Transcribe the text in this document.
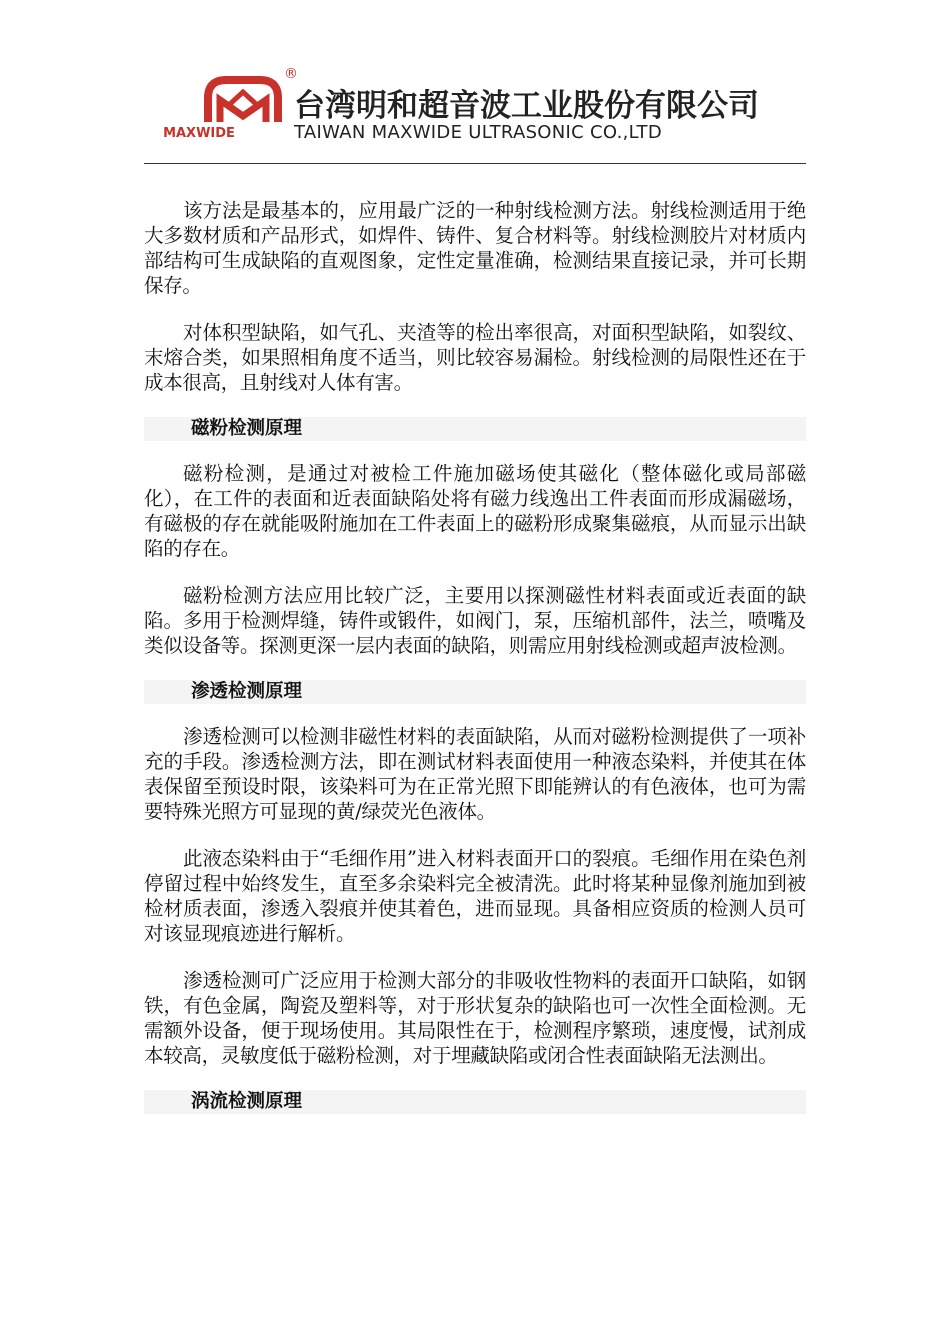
®
MAXWIDE
台湾明和超音波工业股份有限公司
TAIWAN MAXWIDE ULTRASONIC CO.,LTD

该方法是最基本的，应用最广泛的一种射线检测方法。射线检测适用于绝大多数材质和产品形式，如焊件、铸件、复合材料等。射线检测胶片对材质内部结构可生成缺陷的直观图象，定性定量准确，检测结果直接记录，并可长期保存。

对体积型缺陷，如气孔、夹渣等的检出率很高，对面积型缺陷，如裂纹、末熔合类，如果照相角度不适当，则比较容易漏检。射线检测的局限性还在于成本很高，且射线对人体有害。

磁粉检测原理

磁粉检测，是通过对被检工件施加磁场使其磁化（整体磁化或局部磁化），在工件的表面和近表面缺陷处将有磁力线逸出工件表面而形成漏磁场，有磁极的存在就能吸附施加在工件表面上的磁粉形成聚集磁痕，从而显示出缺陷的存在。

磁粉检测方法应用比较广泛，主要用以探测磁性材料表面或近表面的缺陷。多用于检测焊缝，铸件或锻件，如阀门，泵，压缩机部件，法兰，喷嘴及类似设备等。探测更深一层内表面的缺陷，则需应用射线检测或超声波检测。

渗透检测原理

渗透检测可以检测非磁性材料的表面缺陷，从而对磁粉检测提供了一项补充的手段。渗透检测方法，即在测试材料表面使用一种液态染料，并使其在体表保留至预设时限，该染料可为在正常光照下即能辨认的有色液体，也可为需要特殊光照方可显现的黄/绿荧光色液体。

此液态染料由于“毛细作用”进入材料表面开口的裂痕。毛细作用在染色剂停留过程中始终发生，直至多余染料完全被清洗。此时将某种显像剂施加到被检材质表面，渗透入裂痕并使其着色，进而显现。具备相应资质的检测人员可对该显现痕迹进行解析。

渗透检测可广泛应用于检测大部分的非吸收性物料的表面开口缺陷，如钢铁，有色金属，陶瓷及塑料等，对于形状复杂的缺陷也可一次性全面检测。无需额外设备，便于现场使用。其局限性在于，检测程序繁琐，速度慢，试剂成本较高，灵敏度低于磁粉检测，对于埋藏缺陷或闭合性表面缺陷无法测出。

涡流检测原理
